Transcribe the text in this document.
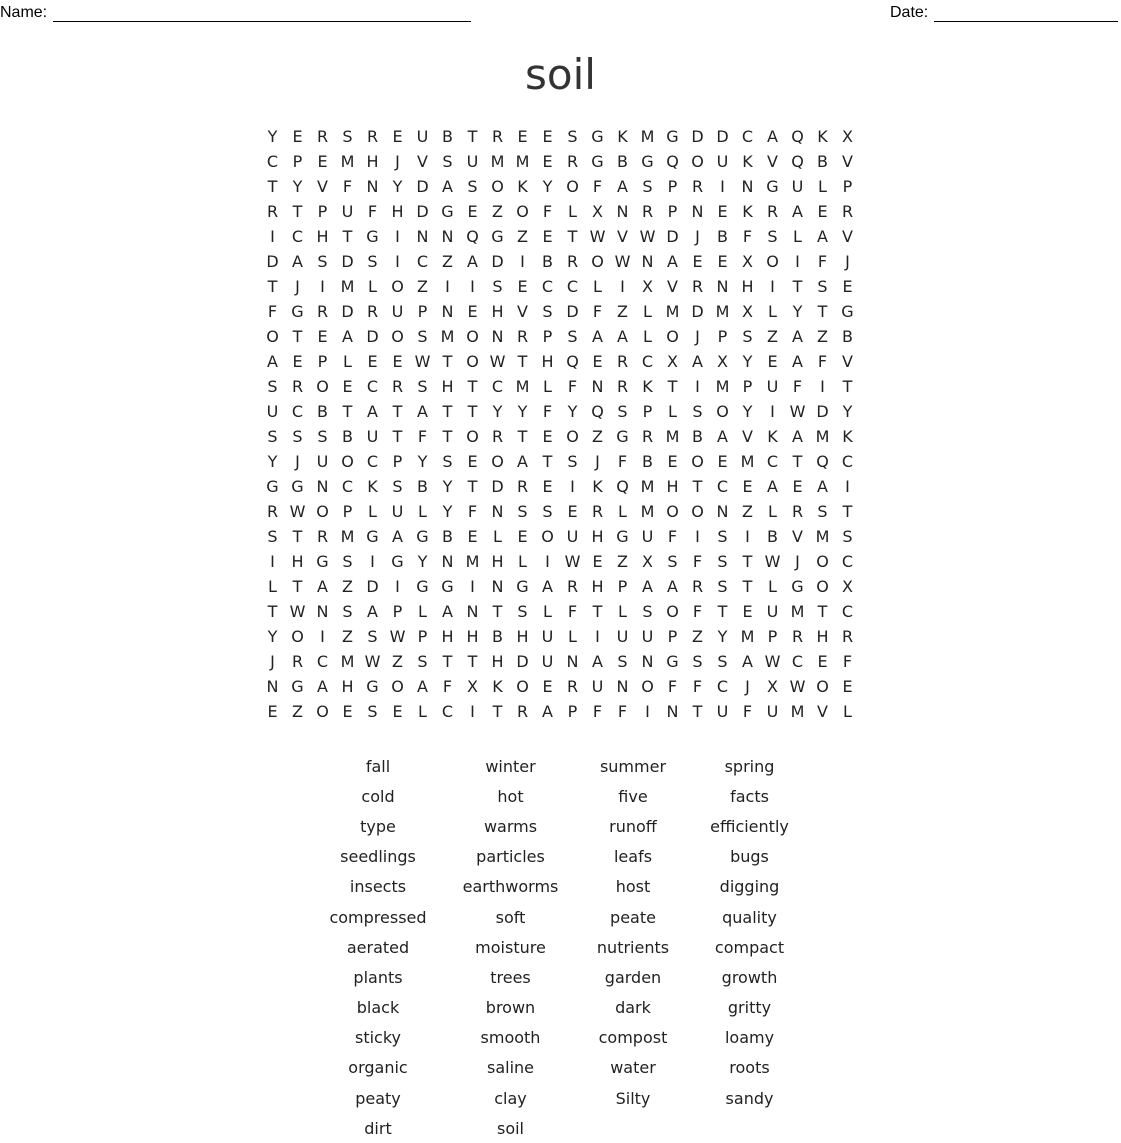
Name:	Date:
soil
Y E R S R E U B T R E E S G K M G D D C A Q K X
C P E M H	J	V S U M M E R G B G Q O U K V Q B V
T Y V F N Y D A S O K Y O F A S P R	I	N G U L P
R T P U F H D G E Z O F L X N R P N E K R A E R
I	C H T G	I	N N Q G Z E T W V W D	J	B F S L A V
D A S D S	I	C Z A D	I	B R O W N A E E X O	I	F	J
T	J	I M L O Z	I	I	S E C C L	I	X V R N H	I	T S E
F G R D R U P N E H V S D F Z L M D M X L Y T G
O T E A D O S M O N R P S A A L O	J	P S Z A Z B
A E P L E E W T O W T H Q E R C X A X Y E A F V
S R O E C R S H T C M L F N R K T	I M P U F	I	T
U C B T A T A T T Y Y F Y Q S P L S O Y	I W D Y
S S S B U T F T O R T E O Z G R M B A V K A M K
Y	J	U O C P Y S E O A T S	J	F B E O E M C T Q C
G G N C K S B Y T D R E	I	K Q M H T C E A E A	I
R W O P L U L Y F N S S E R L M O O N Z L R S T
S T R M G A G B E L E O U H G U F	I	S	I	B V M S
I	H G S	I	G Y N M H L	I W E Z X S F S T W J	O C
L T A Z D	I	G G	I	N G A R H P A A R S T L G O X
T W N S A P L A N T S L F T L S O F T E U M T C
Y O	I	Z S W P H H B H U L	I	U U P Z Y M P R H R
J	R C M W Z S T T H D U N A S N G S S A W C E F
N G A H G O A F X K O E R U N O F F C	J	X W O E
E Z O E S E L C	I	T R A P F F	I	N T U F U M V L
fall	winter	summer	spring
cold	hot	five	facts
type	warms	runoff	efficiently
seedlings	particles	leafs	bugs
insects	earthworms	host	digging
compressed	soft	peate	quality
aerated	moisture	nutrients	compact
plants	trees	garden	growth
black	brown	dark	gritty
sticky	smooth	compost	loamy
organic	saline	water	roots
peaty	clay	Silty	sandy
dirt	soil
